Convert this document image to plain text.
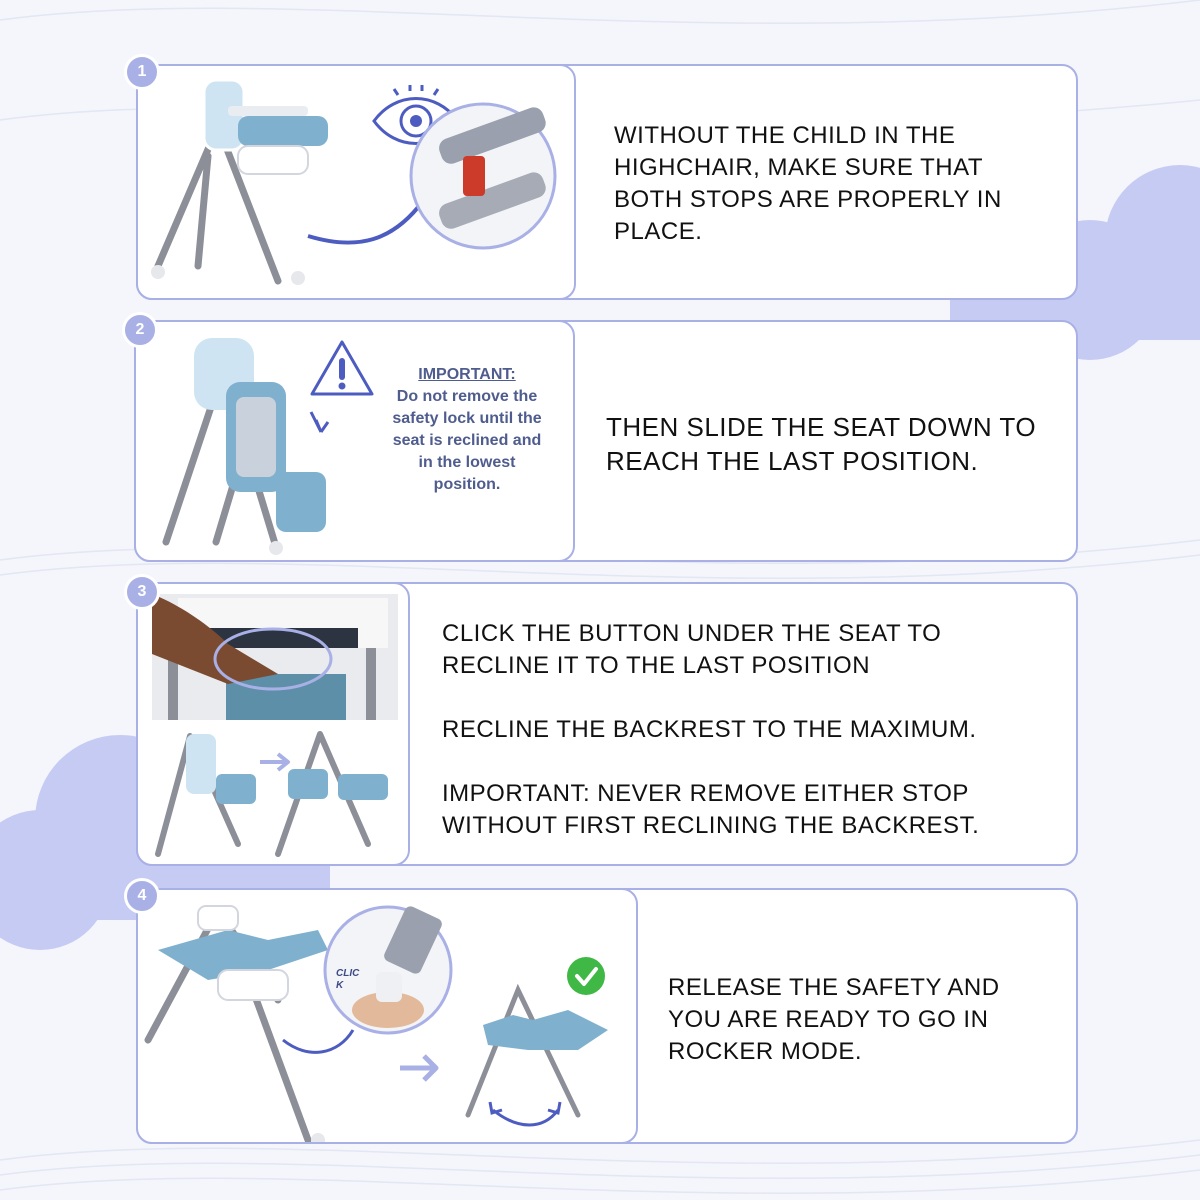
1

WITHOUT THE CHILD IN THE HIGHCHAIR, MAKE SURE THAT BOTH STOPS ARE PROPERLY IN PLACE.

IMPORTANT:
Do not remove the safety lock until the seat is reclined and in the lowest position.
2

THEN SLIDE THE SEAT DOWN TO REACH THE LAST POSITION.

3

CLICK THE BUTTON UNDER THE SEAT TO RECLINE IT TO THE LAST POSITION

RECLINE THE BACKREST TO THE MAXIMUM.

IMPORTANT: NEVER REMOVE EITHER STOP WITHOUT FIRST RECLINING THE BACKREST.

CLIC K
4

RELEASE THE SAFETY AND YOU ARE READY TO GO IN ROCKER MODE.
